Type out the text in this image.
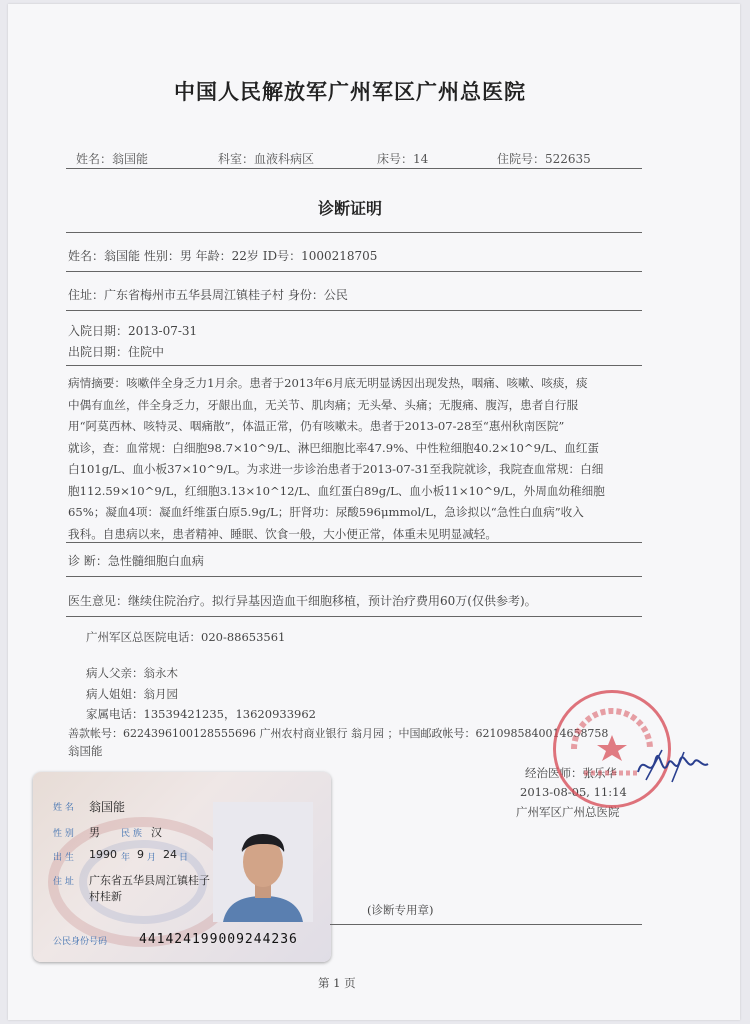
中国人民解放军广州军区广州总医院
姓名：翁国能	科室：血液科病区	床号：14	住院号：522635
诊断证明
姓名：翁国能 性别：男 年龄：22岁 ID号：1000218705
住址：广东省梅州市五华县周江镇桂子村 身份：公民
入院日期：2013-07-31
出院日期：住院中
病情摘要：咳嗽伴全身乏力1月余。患者于2013年6月底无明显诱因出现发热，咽痛、咳嗽、咳痰，痰
中偶有血丝，伴全身乏力，牙龈出血，无关节、肌肉痛；无头晕、头痛；无腹痛、腹泻，患者自行服
用“阿莫西林、咳特灵、咽痛散”，体温正常，仍有咳嗽未。患者于2013-07-28至“惠州秋南医院”
就诊，查：血常规：白细胞98.7×10^9/L、淋巴细胞比率47.9%、中性粒细胞40.2×10^9/L、血红蛋
白101g/L、血小板37×10^9/L。为求进一步诊治患者于2013-07-31至我院就诊，我院查血常规：白细
胞112.59×10^9/L，红细胞3.13×10^12/L、血红蛋白89g/L、血小板11×10^9/L，外周血幼稚细胞
65%；凝血4项：凝血纤维蛋白原5.9g/L；肝肾功：尿酸596μmmol/L，急诊拟以“急性白血病”收入
我科。自患病以来，患者精神、睡眠、饮食一般，大小便正常，体重未见明显减轻。
诊 断：急性髓细胞白血病
医生意见：继续住院治疗。拟行异基因造血干细胞移植，预计治疗费用60万(仅供参考)。
广州军区总医院电话：020-88653561
病人父亲：翁永木
病人姐姐：翁月园
家属电话：13539421235，13620933962
善款帐号：6224396100128555696 广州农村商业银行 翁月园 ；中国邮政帐号：6210985840014658758
翁国能
经治医师：张乐华
2013-08-05, 11:14
广州军区广州总医院
姓 名 翁国能
性 别 男 民 族 汉
出 生 1990 年 9 月 24 日
住 址 广东省五华县周江镇桂子
村桂新
公民身份号码 441424199009244236
(诊断专用章)
第 1 页
